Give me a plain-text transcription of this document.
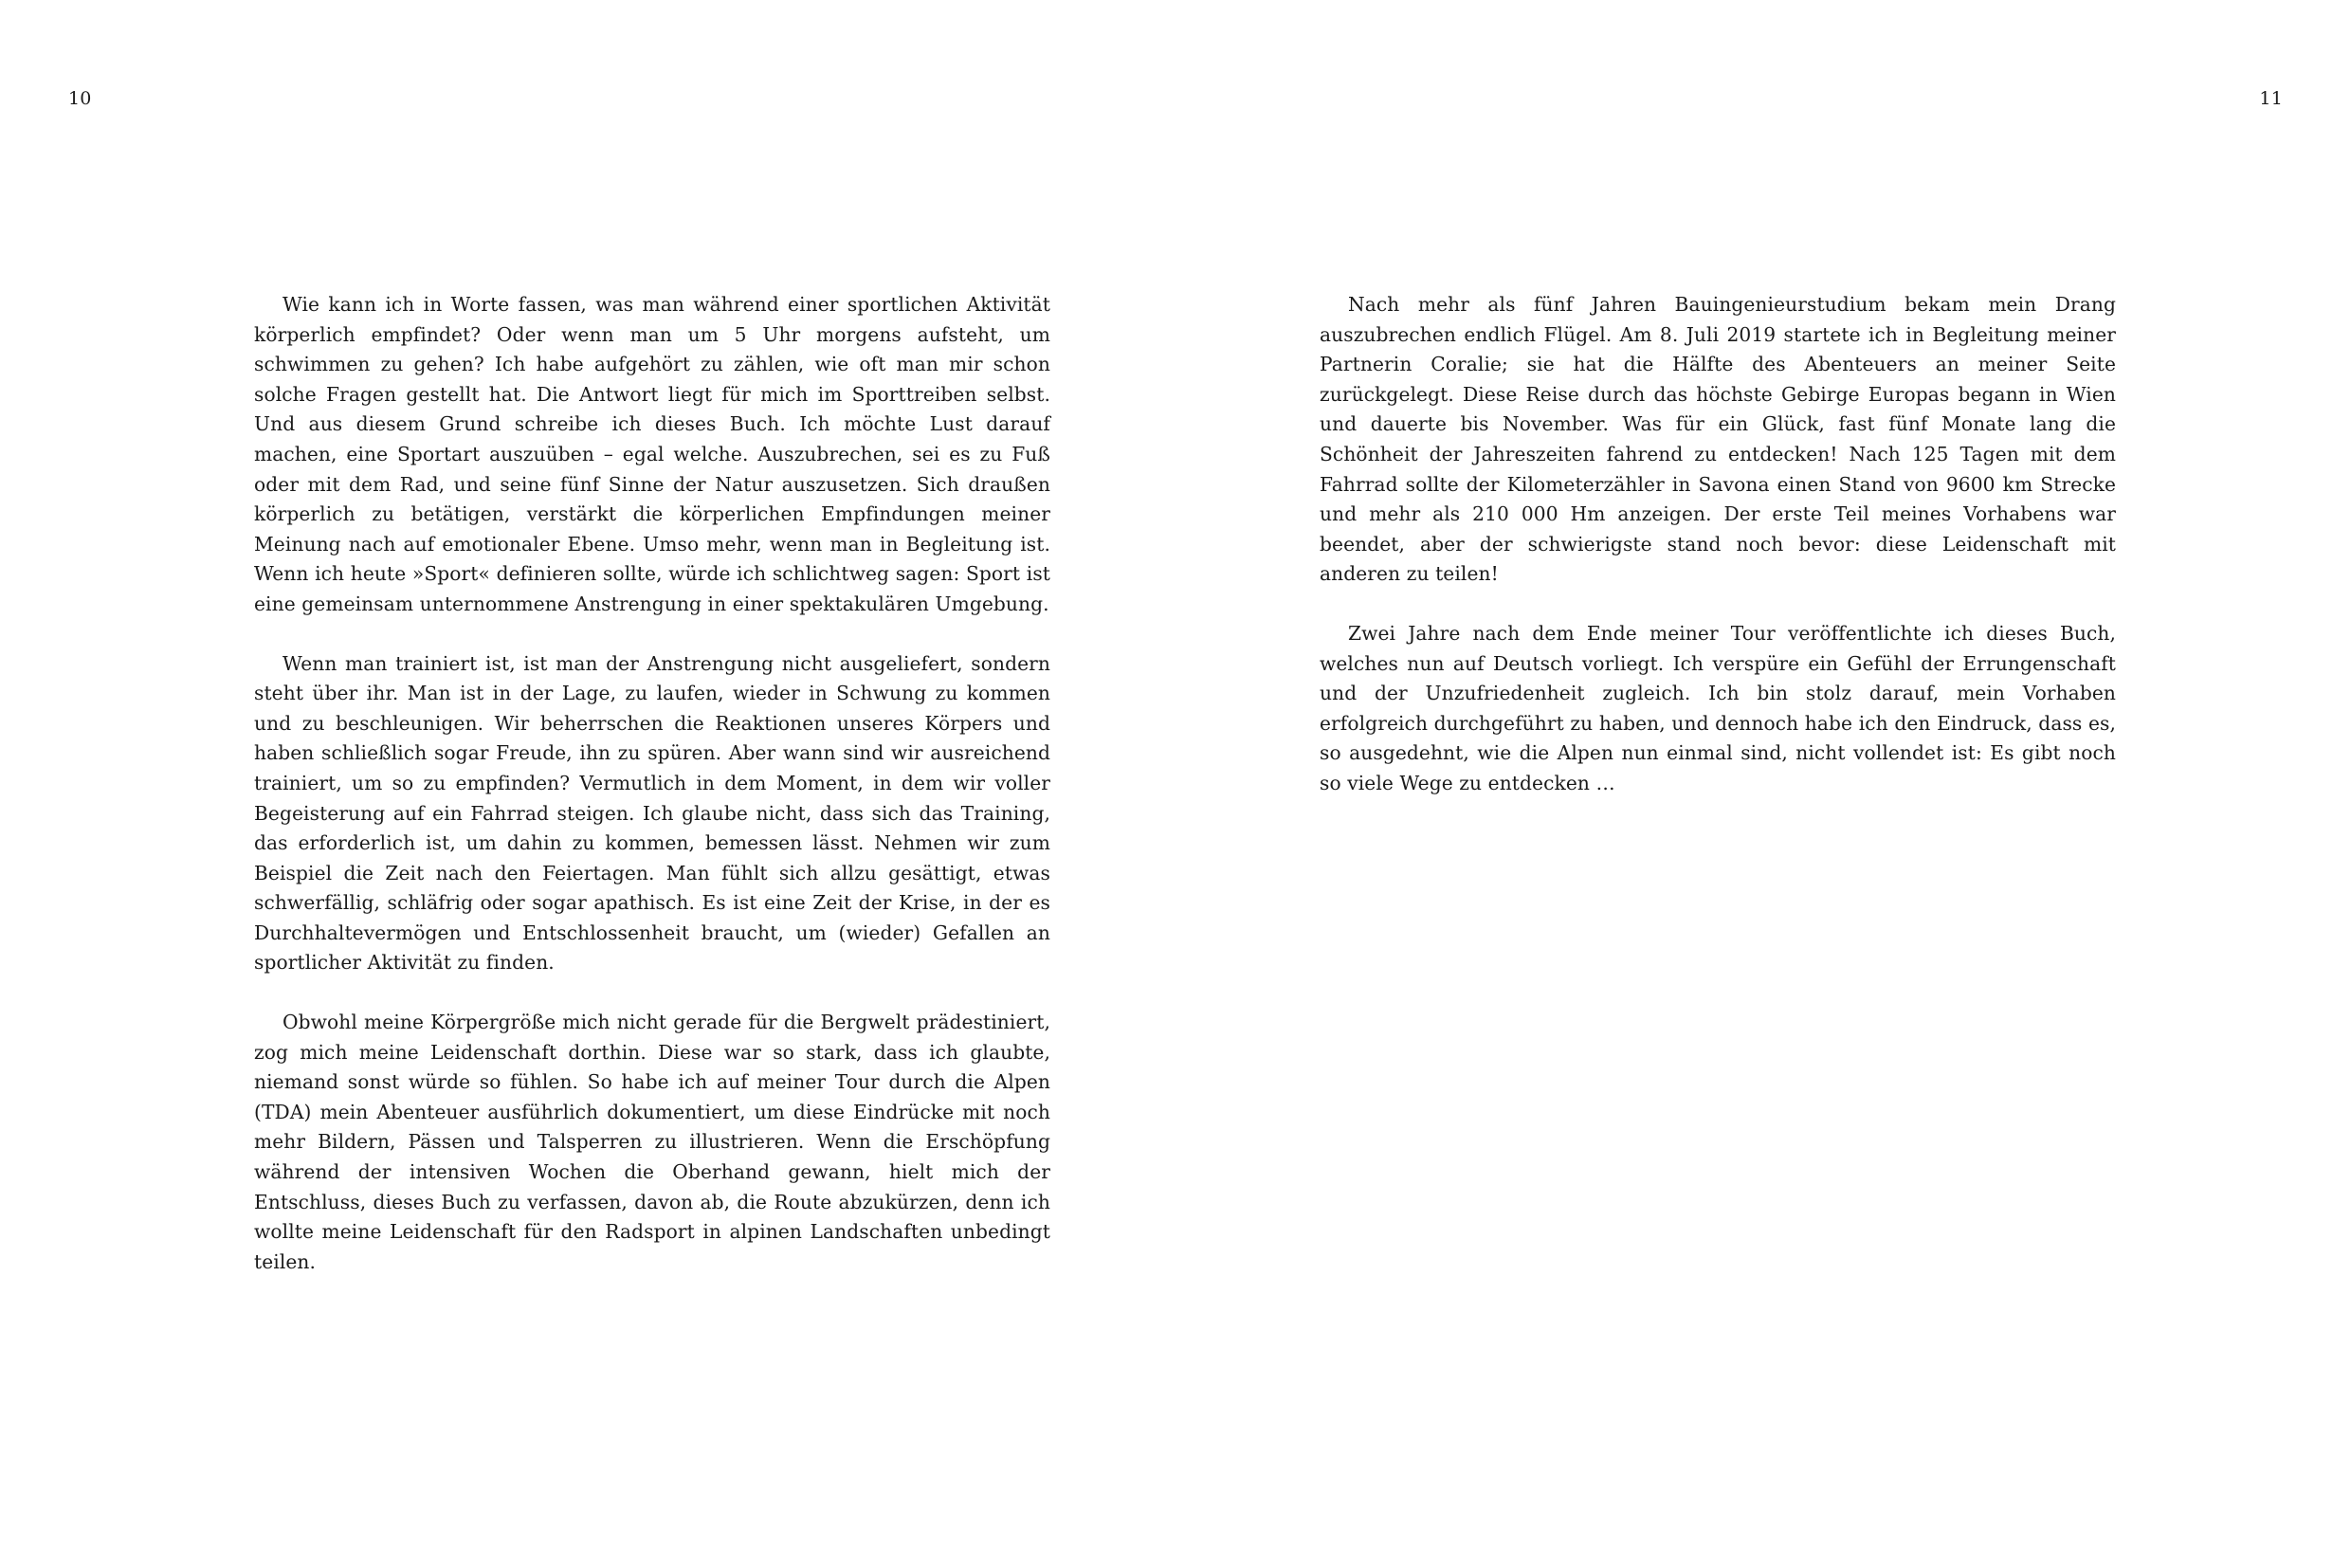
10

Wie kann ich in Worte fassen, was man während einer sportlichen Aktivität körperlich empfindet? Oder wenn man um 5 Uhr morgens aufsteht, um schwimmen zu gehen? Ich habe aufgehört zu zählen, wie oft man mir schon solche Fragen gestellt hat. Die Antwort liegt für mich im Sporttreiben selbst. Und aus diesem Grund schreibe ich dieses Buch. Ich möchte Lust darauf machen, eine Sportart auszuüben – egal welche. Auszubrechen, sei es zu Fuß oder mit dem Rad, und seine fünf Sinne der Natur auszusetzen. Sich draußen körperlich zu betätigen, verstärkt die körperlichen Empfindungen meiner Meinung nach auf emotionaler Ebene. Umso mehr, wenn man in Begleitung ist. Wenn ich heute »Sport« definieren sollte, würde ich schlichtweg sagen: Sport ist eine gemeinsam unternommene Anstrengung in einer spektakulären Umgebung.

Wenn man trainiert ist, ist man der Anstrengung nicht ausgeliefert, sondern steht über ihr. Man ist in der Lage, zu laufen, wieder in Schwung zu kommen und zu beschleunigen. Wir beherrschen die Reaktionen unseres Körpers und haben schließlich sogar Freude, ihn zu spüren. Aber wann sind wir ausreichend trainiert, um so zu empfinden? Vermutlich in dem Moment, in dem wir voller Begeisterung auf ein Fahrrad steigen. Ich glaube nicht, dass sich das Training, das erforderlich ist, um dahin zu kommen, bemessen lässt. Nehmen wir zum Beispiel die Zeit nach den Feiertagen. Man fühlt sich allzu gesättigt, etwas schwerfällig, schläfrig oder sogar apathisch. Es ist eine Zeit der Krise, in der es Durchhaltevermögen und Entschlossenheit braucht, um (wieder) Gefallen an sportlicher Aktivität zu finden.

Obwohl meine Körpergröße mich nicht gerade für die Bergwelt prädestiniert, zog mich meine Leidenschaft dorthin. Diese war so stark, dass ich glaubte, niemand sonst würde so fühlen. So habe ich auf meiner Tour durch die Alpen (TDA) mein Abenteuer ausführlich dokumentiert, um diese Eindrücke mit noch mehr Bildern, Pässen und Talsperren zu illustrieren. Wenn die Erschöpfung während der intensiven Wochen die Oberhand gewann, hielt mich der Entschluss, dieses Buch zu verfassen, davon ab, die Route abzukürzen, denn ich wollte meine Leidenschaft für den Radsport in alpinen Landschaften unbedingt teilen.

11

Nach mehr als fünf Jahren Bauingenieurstudium bekam mein Drang auszubrechen endlich Flügel. Am 8. Juli 2019 startete ich in Begleitung meiner Partnerin Coralie; sie hat die Hälfte des Abenteuers an meiner Seite zurückgelegt. Diese Reise durch das höchste Gebirge Europas begann in Wien und dauerte bis November. Was für ein Glück, fast fünf Monate lang die Schönheit der Jahreszeiten fahrend zu entdecken! Nach 125 Tagen mit dem Fahrrad sollte der Kilometerzähler in Savona einen Stand von 9600 km Strecke und mehr als 210 000 Hm anzeigen. Der erste Teil meines Vorhabens war beendet, aber der schwierigste stand noch bevor: diese Leidenschaft mit anderen zu teilen!

Zwei Jahre nach dem Ende meiner Tour veröffentlichte ich dieses Buch, welches nun auf Deutsch vorliegt. Ich verspüre ein Gefühl der Errungenschaft und der Unzufriedenheit zugleich. Ich bin stolz darauf, mein Vorhaben erfolgreich durchgeführt zu haben, und dennoch habe ich den Eindruck, dass es, so ausgedehnt, wie die Alpen nun einmal sind, nicht vollendet ist: Es gibt noch so viele Wege zu entdecken …
